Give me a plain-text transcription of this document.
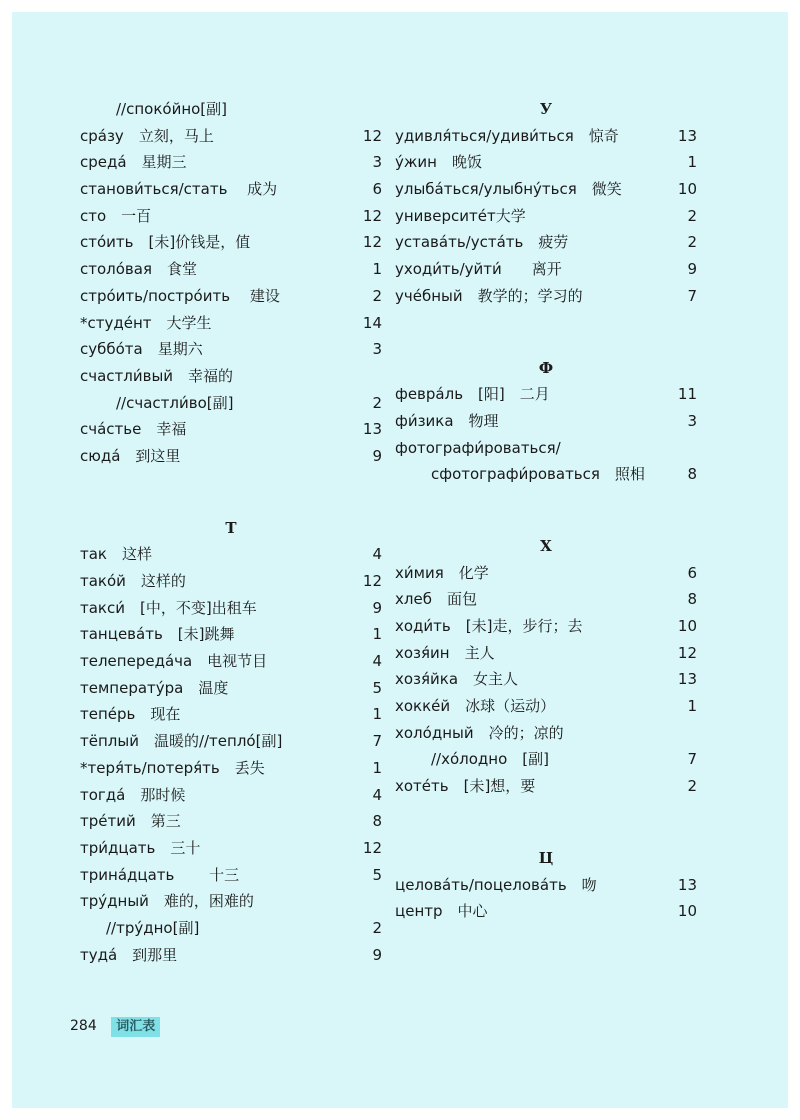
//споко́йно[副]
сра́зу　立刻，马上	12
среда́　星期三	3
станови́ться/стать　 成为	6
сто　一百	12
сто́ить　[未]价钱是，值	12
столо́вая　食堂	1
стро́ить/постро́ить　 建设	2
*студе́нт　大学生	14
суббо́та　星期六	3
счастли́вый　幸福的
//счастли́во[副]	2
сча́стье　幸福	13
сюда́　到这里	9
Т
так　这样	4
тако́й　这样的	12
такси́　[中，不变]出租车	9
танцева́ть　[未]跳舞	1
телепереда́ча　电视节目	4
температу́ра　温度	5
тепе́рь　现在	1
тёплый　温暖的//тепло́[副]	7
*теря́ть/потеря́ть　丢失	1
тогда́　那时候	4
тре́тий　第三	8
три́дцать　三十	12
трина́дцать　　 十三	5
тру́дный　难的，困难的
//тру́дно[副]	2
туда́　到那里	9
У
удивля́ться/удиви́ться　惊奇	13
у́жин　晚饭	1
улыба́ться/улыбну́ться　微笑	10
университе́т大学	2
устава́ть/уста́ть　疲劳	2
уходи́ть/уйти́　　离开	9
уче́бный　教学的；学习的	7
Ф
февра́ль　[阳]　二月	11
фи́зика　物理	3
фотографи́роваться/
сфотографи́роваться　照相	8
Х
хи́мия　化学	6
хлеб　面包	8
ходи́ть　[未]走，步行；去	10
хозя́ин　主人	12
хозя́йка　女主人	13
хокке́й　冰球（运动）	1
холо́дный　冷的；凉的
//хо́лодно　[副]	7
хоте́ть　[未]想，要	2
Ц
целова́ть/поцелова́ть　吻	13
центр　中心	10
284 词汇表
